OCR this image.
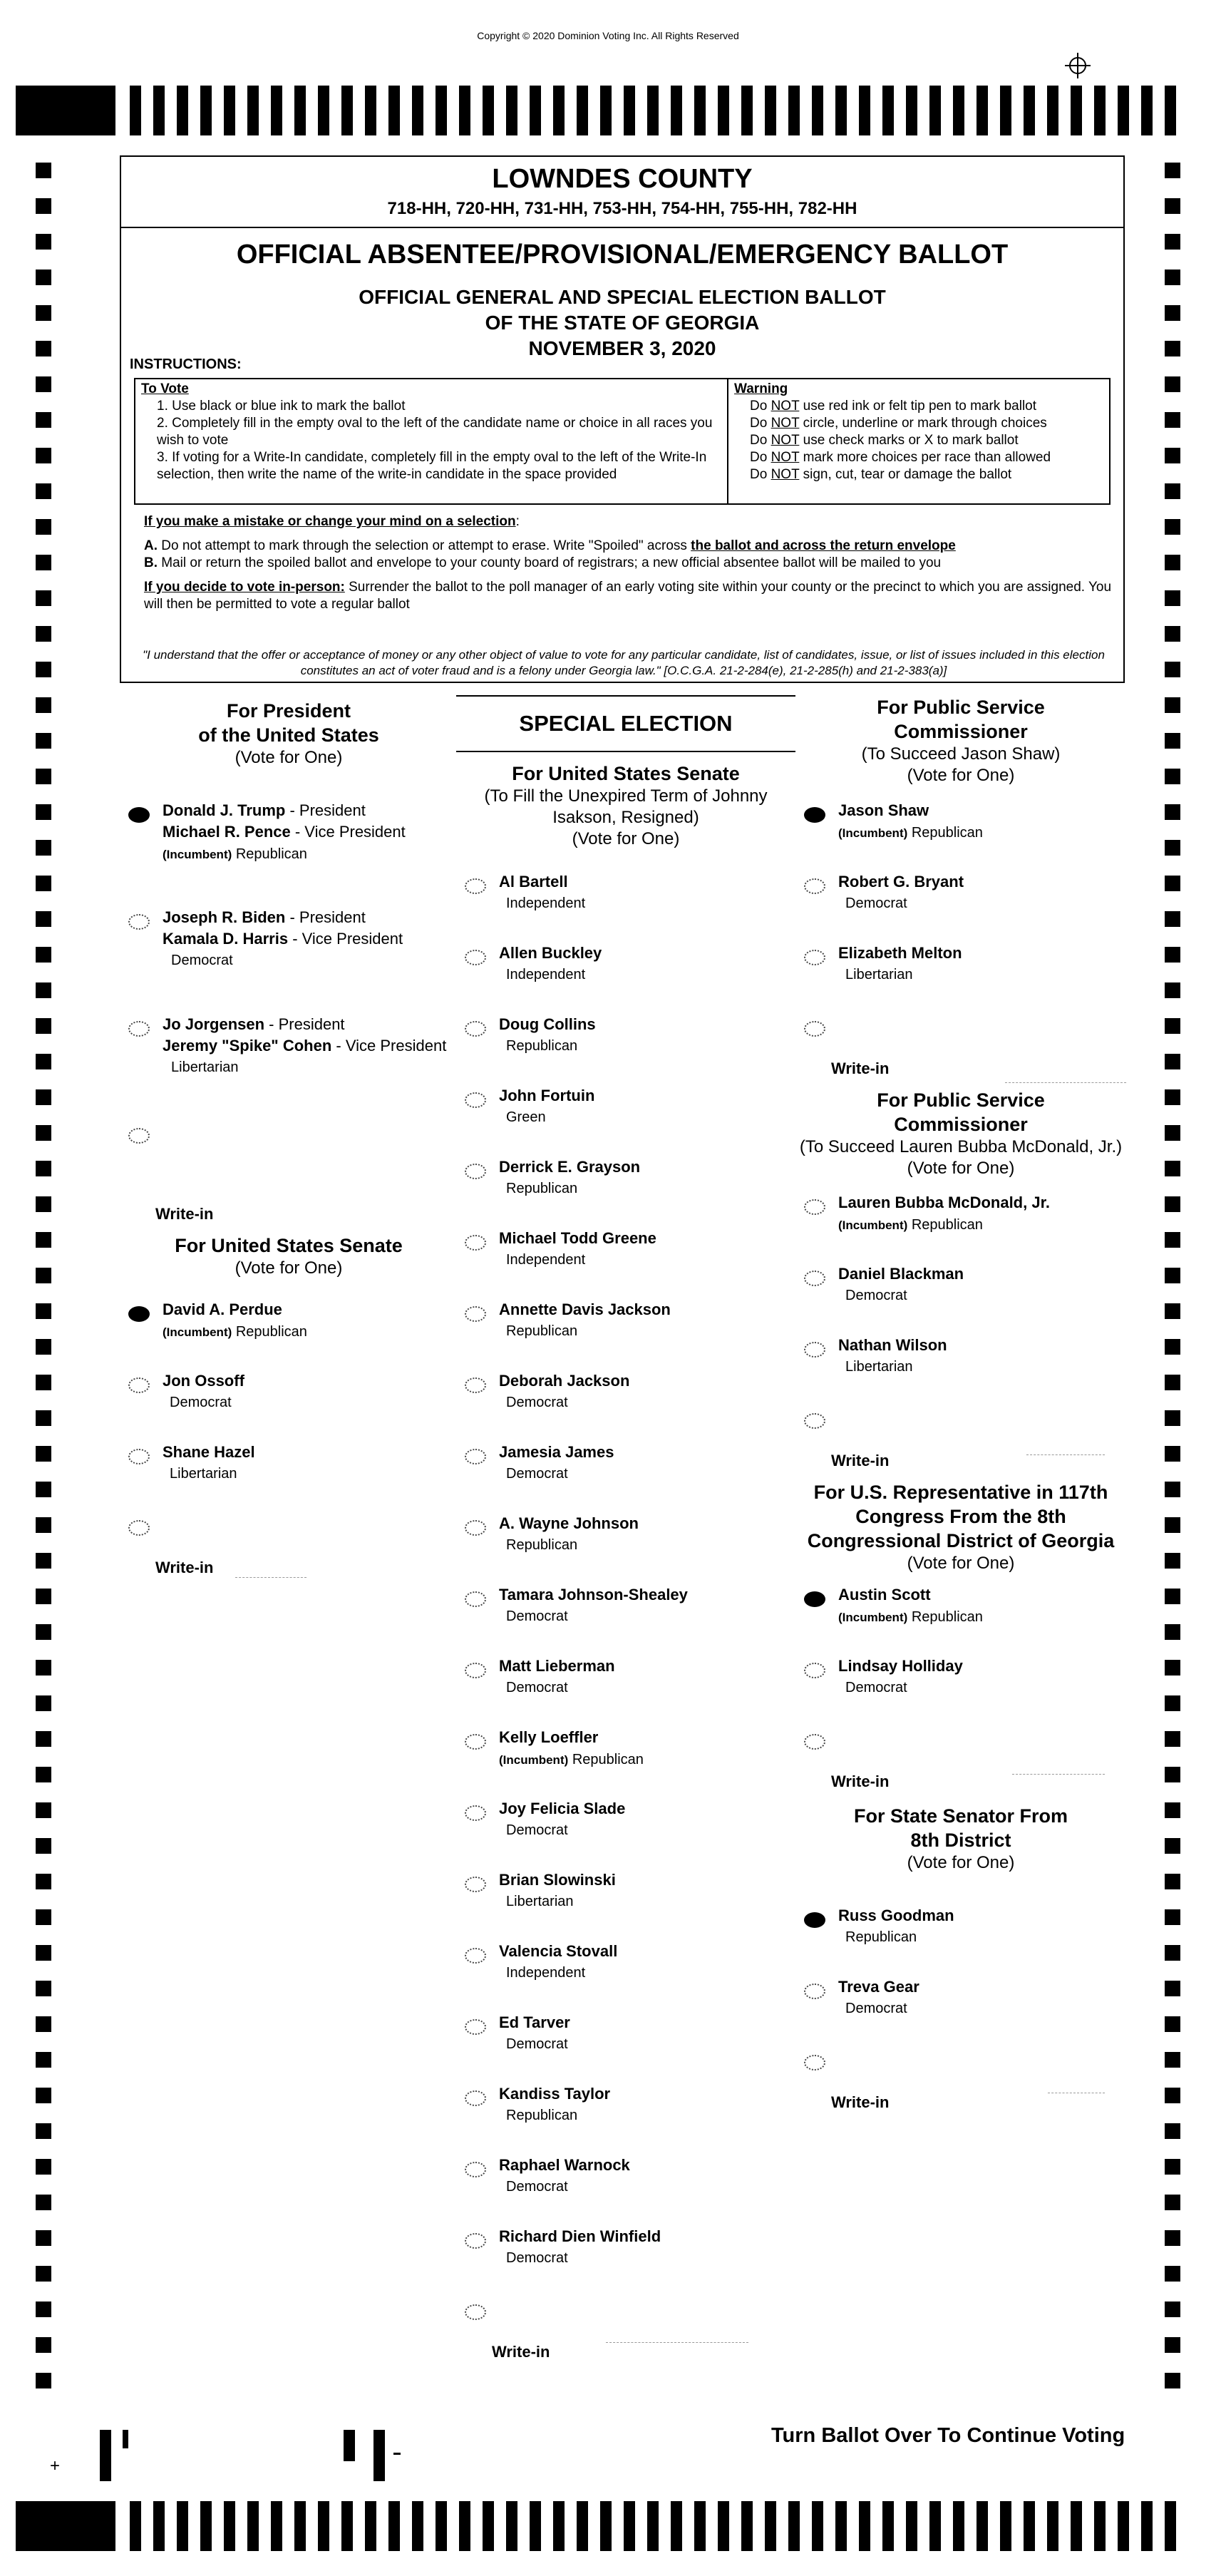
Copyright © 2020 Dominion Voting Inc. All Rights Reserved
LOWNDES COUNTY
718-HH, 720-HH, 731-HH, 753-HH, 754-HH, 755-HH, 782-HH
OFFICIAL ABSENTEE/PROVISIONAL/EMERGENCY BALLOT
OFFICIAL GENERAL AND SPECIAL ELECTION BALLOT
OF THE STATE OF GEORGIA
NOVEMBER 3, 2020
INSTRUCTIONS:
To Vote
1. Use black or blue ink to mark the ballot
2. Completely fill in the empty oval to the left of the candidate name or choice in all races you wish to vote
3. If voting for a Write-In candidate, completely fill in the empty oval to the left of the Write-In selection, then write the name of the write-in candidate in the space provided
Warning
Do NOT use red ink or felt tip pen to mark ballot
Do NOT circle, underline or mark through choices
Do NOT use check marks or X to mark ballot
Do NOT mark more choices per race than allowed
Do NOT sign, cut, tear or damage the ballot

If you make a mistake or change your mind on a selection:

A. Do not attempt to mark through the selection or attempt to erase. Write "Spoiled" across the ballot and across the return envelope

B. Mail or return the spoiled ballot and envelope to your county board of registrars; a new official absentee ballot will be mailed to you

If you decide to vote in-person: Surrender the ballot to the poll manager of an early voting site within your county or the precinct to which you are assigned. You will then be permitted to vote a regular ballot

"I understand that the offer or acceptance of money or any other object of value to vote for any particular candidate, list of candidates, issue, or list of issues included in this election constitutes an act of voter fraud and is a felony under Georgia law." [O.C.G.A. 21-2-284(e), 21-2-285(h) and 21-2-383(a)]
For President
of the United States
(Vote for One)
Donald J. Trump - President
Michael R. Pence - Vice President
(Incumbent) Republican
Joseph R. Biden - President
Kamala D. Harris - Vice President
Democrat
Jo Jorgensen - President
Jeremy "Spike" Cohen - Vice President
Libertarian
Write-in
For United States Senate
(Vote for One)
David A. Perdue
(Incumbent) Republican
Jon Ossoff
Democrat
Shane Hazel
Libertarian
Write-in
SPECIAL ELECTION
For United States Senate
(To Fill the Unexpired Term of Johnny
Isakson, Resigned)
(Vote for One)
Al Bartell
Independent
Allen Buckley
Independent
Doug Collins
Republican
John Fortuin
Green
Derrick E. Grayson
Republican
Michael Todd Greene
Independent
Annette Davis Jackson
Republican
Deborah Jackson
Democrat
Jamesia James
Democrat
A. Wayne Johnson
Republican
Tamara Johnson-Shealey
Democrat
Matt Lieberman
Democrat
Kelly Loeffler
(Incumbent) Republican
Joy Felicia Slade
Democrat
Brian Slowinski
Libertarian
Valencia Stovall
Independent
Ed Tarver
Democrat
Kandiss Taylor
Republican
Raphael Warnock
Democrat
Richard Dien Winfield
Democrat
Write-in
For Public Service
Commissioner
(To Succeed Jason Shaw)
(Vote for One)
Jason Shaw
(Incumbent) Republican
Robert G. Bryant
Democrat
Elizabeth Melton
Libertarian
Write-in
For Public Service
Commissioner
(To Succeed Lauren Bubba McDonald, Jr.)
(Vote for One)
Lauren Bubba McDonald, Jr.
(Incumbent) Republican
Daniel Blackman
Democrat
Nathan Wilson
Libertarian
Write-in
For U.S. Representative in 117th
Congress From the 8th
Congressional District of Georgia
(Vote for One)
Austin Scott
(Incumbent) Republican
Lindsay Holliday
Democrat
Write-in
For State Senator From
8th District
(Vote for One)
Russ Goodman
Republican
Treva Gear
Democrat
Write-in
+
Turn Ballot Over To Continue Voting
